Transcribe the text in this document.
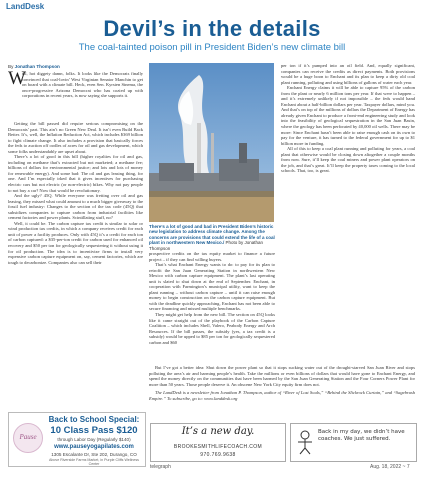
LandDesk
Devil’s in the details
The coal-tainted poison pill in President Biden’s new climate bill
By Jonathan Thompson
W

ell, hot diggety damn, folks. It looks like the Democrats finally convinced that coal-lovin’ West Virginian Senator Manchin to get on board with a climate bill. Heck, even Sen. Kyrsten Sinema, the once-progressive Arizona Democrat who has cozied up with corporations in recent years, is now saying she supports it.

Getting the bill passed did require serious compromising on the Democrats’ part. This ain’t no Green New Deal. It isn’t even Build Back Better. It’s, well, the Inflation Reduction Act, which includes $369 billion to fight climate change. It also includes a provision that basically forces the feds to auction off oodles of acres for oil and gas development, which some folks understandably are upset about.

There’s a lot of good in this bill (higher royalties for oil and gas, including on methane that’s extracted but not marketed; a methane fee; billions of dollars for environmental justice; and lots and lots of money for renewable energy). And some bad: The oil and gas leasing thing, for one. And I’m especially irked that it gives incentives for purchasing electric cars but not electric (or non-electric) bikes. Why not pay people to not buy a car? Now that would be revolutionary.

And the ugly? 45Q. While everyone was fretting over oil and gas leasing, they missed what could amount to a much bigger giveaway to the fossil fuel industry: Changes to the section of the tax code (45Q) that subsidizes companies to capture carbon from industrial facilities like cement factories and power plants. Scintillating stuff, no?

Well, it could be. The carbon capture tax credit is similar to solar or wind production tax credits, in which a company receives credit for each unit of power a facility produces. Only with 45Q it’s a credit for each ton of carbon captured: a $35-per-ton credit for carbon used for enhanced oil recovery and $50 per ton for geologically sequestering it without using it for oil production. The idea is to incentivize firms to install very expensive carbon capture equipment on, say, cement factories, which are tough to decarbonize. Companies also can sell their

There’s a lot of good and bad in President Biden’s historic new legislation to address climate change. Among the concerns are provisions that could extend the life of a coal plant in northwestern New Mexico./ Photo by Jonathan Thompson

prospective credits on the tax equity market to finance a future project – if they can find willing buyers.

That’s what Enchant Energy wants to do: to pay for its plan to retrofit the San Juan Generating Station in northwestern New Mexico with carbon capture equipment. The plant’s last operating unit is slated to shut down at the end of September. Enchant, in cooperation with Farmington’s municipal utility, want to keep the plant running – without carbon capture – until it can raise enough money to begin construction on the carbon capture equipment. But with the deadline quickly approaching, Enchant has not been able to secure financing and missed multiple benchmarks.

They might get help from the new bill. The section on 45Q looks like it came straight out of the playbook of the Carbon Capture Coalition – which includes Shell, Valero, Peabody Energy and Arch Resources. If the bill passes, the subsidy (yes, a tax credit is a subsidy) would be upped to $85 per ton for geologically sequestered carbon and $60

per ton if it’s pumped into an oil field. And, equally significant, companies can receive the credits as direct payments. Both provisions would be a huge boon to Enchant and its plan to keep a dirty old coal plant running, polluting and using billions of gallons of water each year.

Enchant Energy claims it will be able to capture 95% of the carbon from the plant or nearly 6 million tons per year. If that were to happen – and it’s extremely unlikely if not impossible – the feds would hand Enchant about a half-billion dollars per year. Taxpayer dollars, mind you. And that’s on top of the millions of dollars the Department of Energy has already given Enchant to produce a front-end engineering study and look into the feasibility of geological sequestration in the San Juan Basin, where the geology has been perforated by 40,000 oil wells. There may be more: Since Enchant hasn’t been able to raise enough cash on its own to pay for the venture, it has turned to the federal government for up to $1 billion more in funding.

All of this to keep a coal plant running and polluting for years, a coal plant that otherwise would be closing down altogether a couple months from now. Sure, it’ll keep the coal miners and power plant operators on the job, and that’s great. It’ll keep the property taxes coming to the local schools. That, too, is great.

But I’ve got a better idea: Shut down the power plant so that it stops sucking water out of the drought-starved San Juan River and stops polluting the area’s air and harming people’s health. Take the millions or even billions of dollars that would have gone to Enchant Energy, and spend the money directly on the communities that have been harmed by the San Juan Generating Station and the Four Corners Power Plant for more than 50 years. Those people deserve it. An obscene New York City equity firm does not.

The LandDesk is a newsletter from Jonathan P. Thompson, author of “River of Lost Souls,” “Behind the Slickrock Curtain,” and “Sagebrush Empire.” To subscribe, go to: www.landdesk.org

Pause
Back to School Special:
10 Class Pass $120
through Labor Day (Regularly $140)
www.pauseyogapilates.com
1305 Escalante Dr, Ste 202, Durango, CO
Above Riverside Farms Market, in Purple Cliffs Wellness Center
It’s a new day.
BROOKESMITHLIFECOACH.COM
970.769.9638
Back in my day, we didn’t have coaches. We just suffered.
telegraph	Aug. 18, 2022 ~ 7
